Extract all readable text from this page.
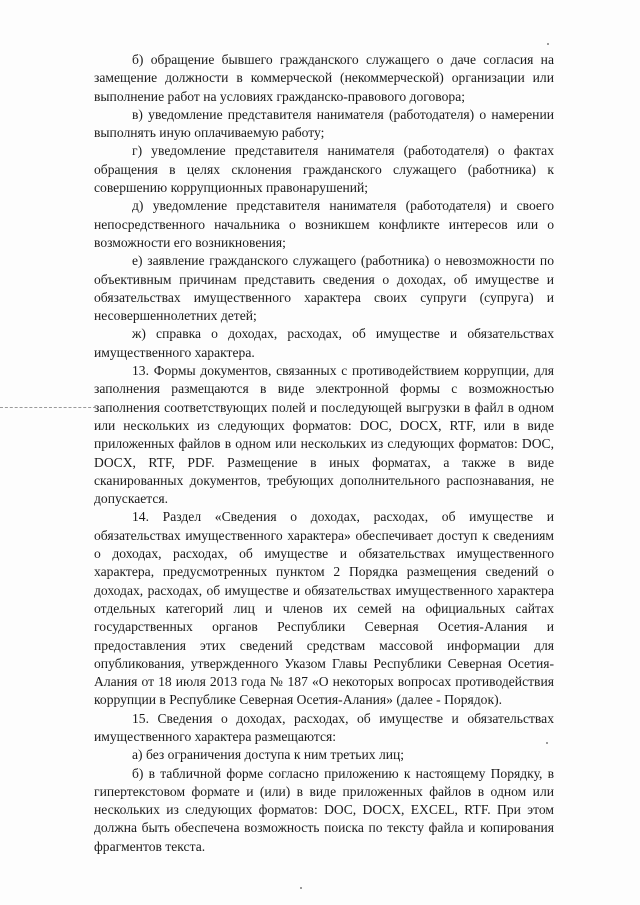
б) обращение бывшего гражданского служащего о даче согласия на замещение должности в коммерческой (некоммерческой) организации или выполнение работ на условиях гражданско-правового договора;

в) уведомление представителя нанимателя (работодателя) о намерении выполнять иную оплачиваемую работу;

г) уведомление представителя нанимателя (работодателя) о фактах обращения в целях склонения гражданского служащего (работника) к совершению коррупционных правонарушений;

д) уведомление представителя нанимателя (работодателя) и своего непосредственного начальника о возникшем конфликте интересов или о возможности его возникновения;

е) заявление гражданского служащего (работника) о невозможности по объективным причинам представить сведения о доходах, об имуществе и обязательствах имущественного характера своих супруги (супруга) и несовершеннолетних детей;

ж) справка о доходах, расходах, об имуществе и обязательствах имущественного характера.

13. Формы документов, связанных с противодействием коррупции, для заполнения размещаются в виде электронной формы с возможностью заполнения соответствующих полей и последующей выгрузки в файл в одном или нескольких из следующих форматов: DOC, DOCX, RTF, или в виде приложенных файлов в одном или нескольких из следующих форматов: DOC, DOCX, RTF, PDF. Размещение в иных форматах, а также в виде сканированных документов, требующих дополнительного распознавания, не допускается.

14. Раздел «Сведения о доходах, расходах, об имуществе и обязательствах имущественного характера» обеспечивает доступ к сведениям о доходах, расходах, об имуществе и обязательствах имущественного характера, предусмотренных пунктом 2 Порядка размещения сведений о доходах, расходах, об имуществе и обязательствах имущественного характера отдельных категорий лиц и членов их семей на официальных сайтах государственных органов Республики Северная Осетия-Алания и предоставления этих сведений средствам массовой информации для опубликования, утвержденного Указом Главы Республики Северная Осетия-Алания от 18 июля 2013 года № 187 «О некоторых вопросах противодействия коррупции в Республике Северная Осетия-Алания» (далее - Порядок).

15. Сведения о доходах, расходах, об имуществе и обязательствах имущественного характера размещаются:

а) без ограничения доступа к ним третьих лиц;

б) в табличной форме согласно приложению к настоящему Порядку, в гипертекстовом формате и (или) в виде приложенных файлов в одном или нескольких из следующих форматов: DOC, DOCX, EXCEL, RTF. При этом должна быть обеспечена возможность поиска по тексту файла и копирования фрагментов текста.
